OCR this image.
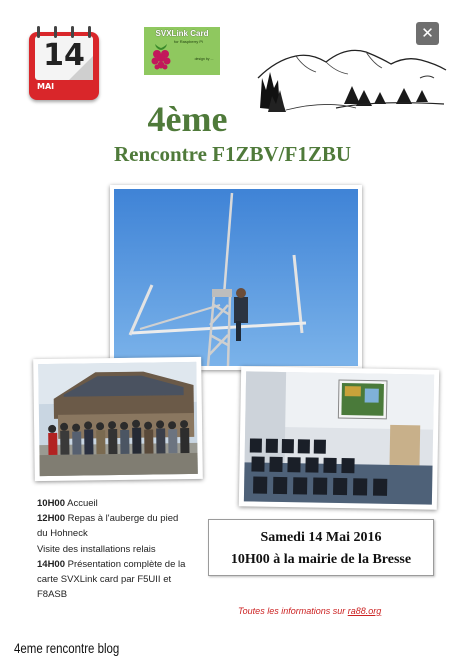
14
MAI
SVXLink Card
for Raspberry Pi
design by ...
4ème
Rencontre F1ZBV/F1ZBU
10H00 Accueil
12H00 Repas à l'auberge du pied du Hohneck
Visite des installations relais
14H00 Présentation complète de la carte SVXLink card par F5UII et F8ASB
Samedi 14 Mai 2016
10H00 à la mairie de la Bresse
Toutes les informations sur ra88.org
✕
4eme rencontre blog
